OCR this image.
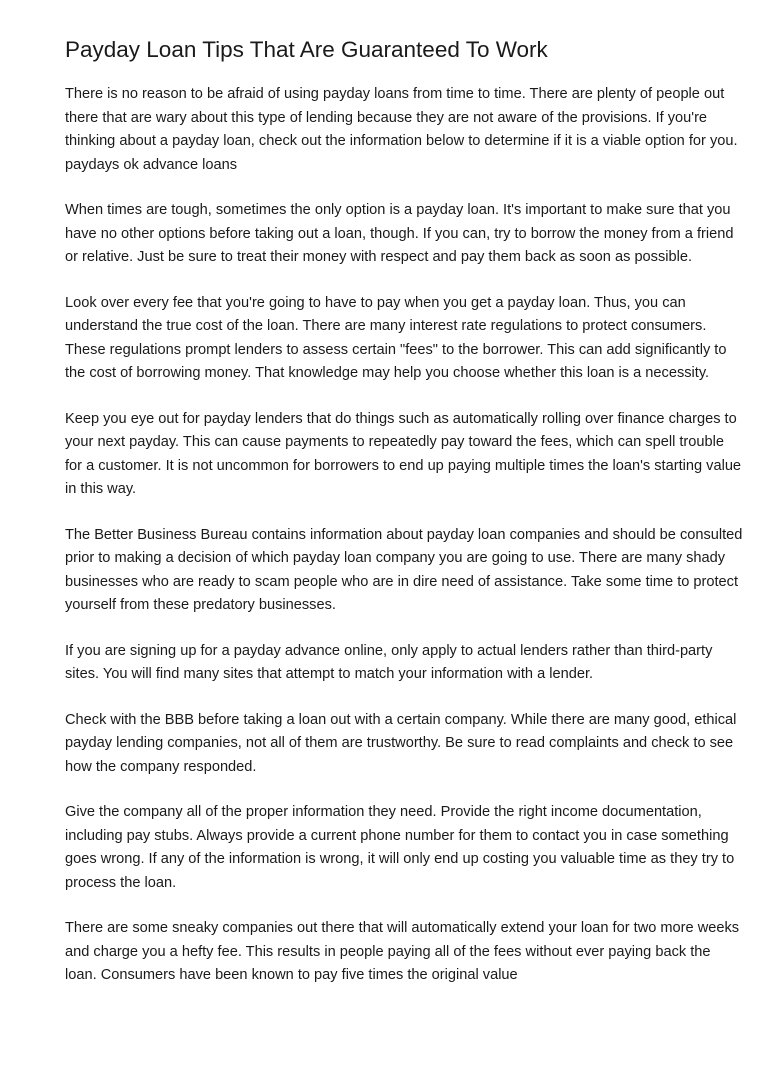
Payday Loan Tips That Are Guaranteed To Work

There is no reason to be afraid of using payday loans from time to time. There are plenty of people out there that are wary about this type of lending because they are not aware of the provisions. If you're thinking about a payday loan, check out the information below to determine if it is a viable option for you. paydays ok advance loans

When times are tough, sometimes the only option is a payday loan. It's important to make sure that you have no other options before taking out a loan, though. If you can, try to borrow the money from a friend or relative. Just be sure to treat their money with respect and pay them back as soon as possible.

Look over every fee that you're going to have to pay when you get a payday loan. Thus, you can understand the true cost of the loan. There are many interest rate regulations to protect consumers. These regulations prompt lenders to assess certain "fees" to the borrower. This can add significantly to the cost of borrowing money. That knowledge may help you choose whether this loan is a necessity.

Keep you eye out for payday lenders that do things such as automatically rolling over finance charges to your next payday. This can cause payments to repeatedly pay toward the fees, which can spell trouble for a customer. It is not uncommon for borrowers to end up paying multiple times the loan's starting value in this way.

The Better Business Bureau contains information about payday loan companies and should be consulted prior to making a decision of which payday loan company you are going to use. There are many shady businesses who are ready to scam people who are in dire need of assistance. Take some time to protect yourself from these predatory businesses.

If you are signing up for a payday advance online, only apply to actual lenders rather than third-party sites. You will find many sites that attempt to match your information with a lender.

Check with the BBB before taking a loan out with a certain company. While there are many good, ethical payday lending companies, not all of them are trustworthy. Be sure to read complaints and check to see how the company responded.

Give the company all of the proper information they need. Provide the right income documentation, including pay stubs. Always provide a current phone number for them to contact you in case something goes wrong. If any of the information is wrong, it will only end up costing you valuable time as they try to process the loan.

There are some sneaky companies out there that will automatically extend your loan for two more weeks and charge you a hefty fee. This results in people paying all of the fees without ever paying back the loan. Consumers have been known to pay five times the original value
